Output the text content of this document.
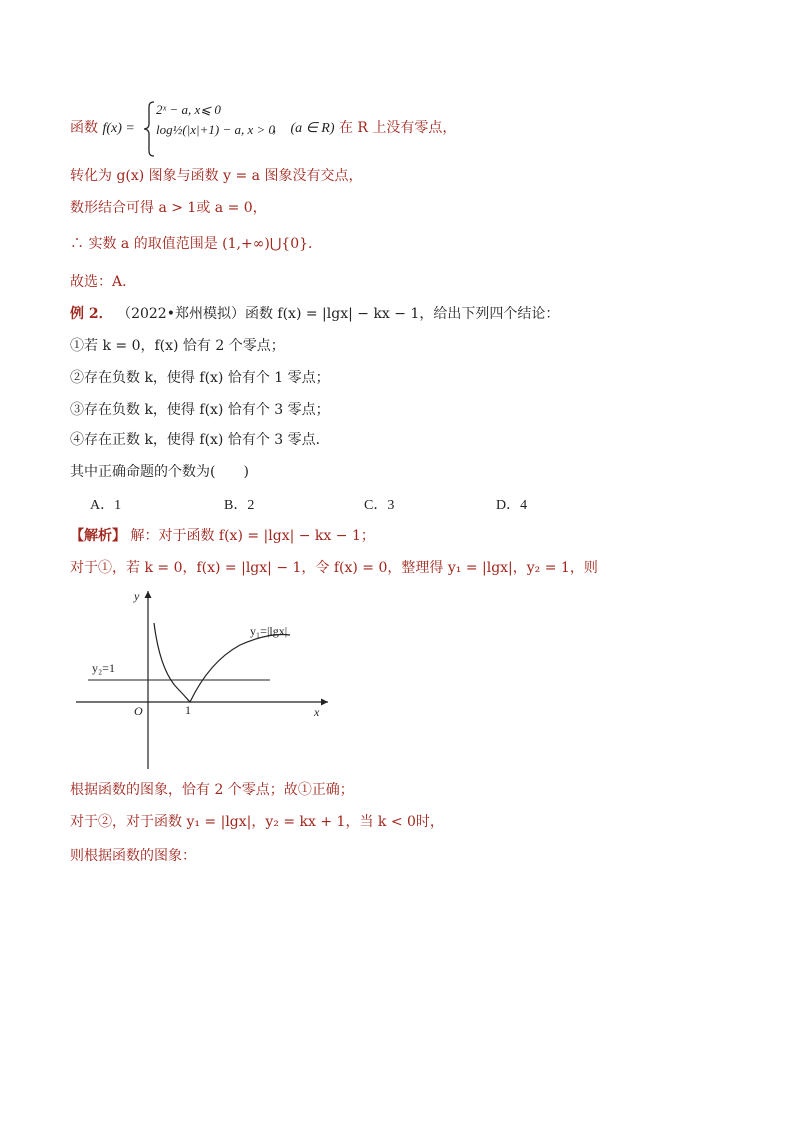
函数 f(x) =
2ˣ − a, x⩽ 0
log½(|x|+1) − a, x > 0
， (a ∈ R) 在 R 上没有零点，
转化为 g(x) 图象与函数 y = a 图象没有交点，
数形结合可得 a > 1或 a = 0，
∴ 实数 a 的取值范围是 (1,+∞)⋃{0}．
故选：A．
例 2． （2022•郑州模拟）函数 f(x) = |lgx| − kx − 1，给出下列四个结论：
①若 k = 0，f(x) 恰有 2 个零点；
②存在负数 k，使得 f(x) 恰有个 1 零点；
③存在负数 k，使得 f(x) 恰有个 3 零点；
④存在正数 k，使得 f(x) 恰有个 3 零点．
其中正确命题的个数为(　　)
A．1	B．2	C．3	D．4
【解析】 解：对于函数 f(x) = |lgx| − kx − 1；
对于①，若 k = 0，f(x) = |lgx| − 1，令 f(x) = 0，整理得 y₁ = |lgx|，y₂ = 1，则
y
x
O	1
y₁=|lgx|
y₂=1
根据函数的图象，恰有 2 个零点；故①正确；
对于②，对于函数 y₁ = |lgx|，y₂ = kx + 1，当 k < 0时，
则根据函数的图象：
